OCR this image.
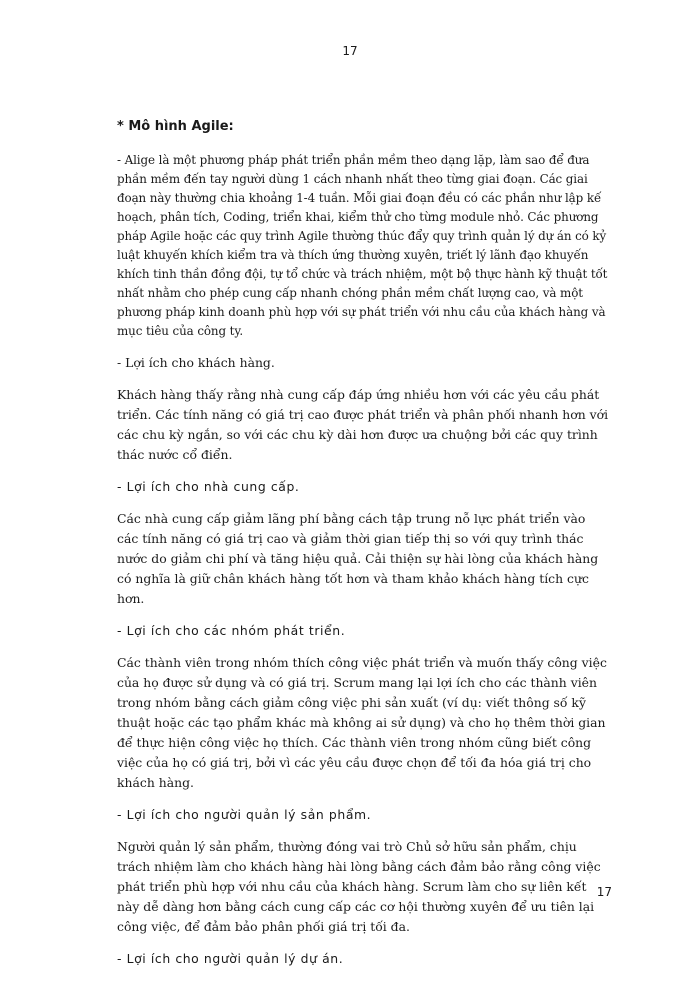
17
* Mô hình Agile:

- Alige là một phương pháp phát triển phần mềm theo dạng lặp, làm sao để đưa phần mềm đến tay người dùng 1 cách nhanh nhất theo từng giai đoạn. Các giai đoạn này thường chia khoảng 1-4 tuần. Mỗi giai đoạn đều có các phần như lập kế hoạch, phân tích, Coding, triển khai, kiểm thử cho từng module nhỏ. Các phương pháp Agile hoặc các quy trình Agile thường thúc đẩy quy trình quản lý dự án có kỷ luật khuyến khích kiểm tra và thích ứng thường xuyên, triết lý lãnh đạo khuyến khích tinh thần đồng đội, tự tổ chức và trách nhiệm, một bộ thực hành kỹ thuật tốt nhất nhằm cho phép cung cấp nhanh chóng phần mềm chất lượng cao, và một phương pháp kinh doanh phù hợp với sự phát triển với nhu cầu của khách hàng và mục tiêu của công ty.

- Lợi ích cho khách hàng.

Khách hàng thấy rằng nhà cung cấp đáp ứng nhiều hơn với các yêu cầu phát triển. Các tính năng có giá trị cao được phát triển và phân phối nhanh hơn với các chu kỳ ngắn, so với các chu kỳ dài hơn được ưa chuộng bởi các quy trình thác nước cổ điển.

- Lợi ích cho nhà cung cấp.

Các nhà cung cấp giảm lãng phí bằng cách tập trung nỗ lực phát triển vào các tính năng có giá trị cao và giảm thời gian tiếp thị so với quy trình thác nước do giảm chi phí và tăng hiệu quả. Cải thiện sự hài lòng của khách hàng có nghĩa là giữ chân khách hàng tốt hơn và tham khảo khách hàng tích cực hơn.

- Lợi ích cho các nhóm phát triển.

Các thành viên trong nhóm thích công việc phát triển và muốn thấy công việc của họ được sử dụng và có giá trị. Scrum mang lại lợi ích cho các thành viên trong nhóm bằng cách giảm công việc phi sản xuất (ví dụ: viết thông số kỹ thuật hoặc các tạo phẩm khác mà không ai sử dụng) và cho họ thêm thời gian để thực hiện công việc họ thích. Các thành viên trong nhóm cũng biết công việc của họ có giá trị, bởi vì các yêu cầu được chọn để tối đa hóa giá trị cho khách hàng.

- Lợi ích cho người quản lý sản phẩm.

Người quản lý sản phẩm, thường đóng vai trò Chủ sở hữu sản phẩm, chịu trách nhiệm làm cho khách hàng hài lòng bằng cách đảm bảo rằng công việc phát triển phù hợp với nhu cầu của khách hàng. Scrum làm cho sự liên kết này dễ dàng hơn bằng cách cung cấp các cơ hội thường xuyên để ưu tiên lại công việc, để đảm bảo phân phối giá trị tối đa.

- Lợi ích cho người quản lý dự án.

17
